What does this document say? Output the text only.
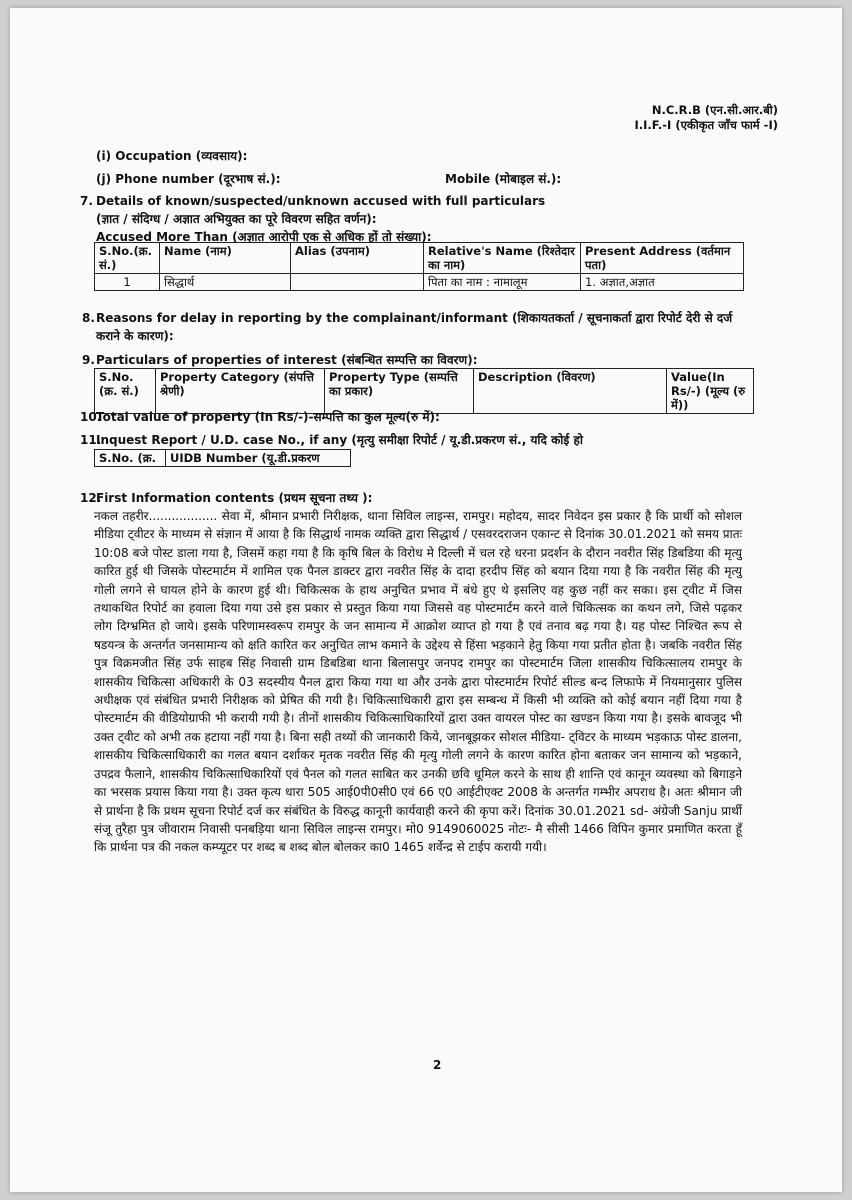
N.C.R.B (एन.सी.आर.बी)
I.I.F.-I (एकीकृत जाँच फार्म -I)
(i) Occupation (व्यवसाय):
(j) Phone number (दूरभाष सं.):	Mobile (मोबाइल सं.):
7. Details of known/suspected/unknown accused with full particulars
(ज्ञात / संदिग्ध / अज्ञात अभियुक्त का पूरे विवरण सहित वर्णन):
Accused More Than (अज्ञात आरोपी एक से अधिक हों तो संख्या):
S.No.(क्र. सं.)	Name (नाम)	Alias (उपनाम)	Relative's Name (रिश्तेदार का नाम)	Present Address (वर्तमान पता)
1	सिद्धार्थ		पिता का नाम : नामालूम	1. अज्ञात,अज्ञात
8. Reasons for delay in reporting by the complainant/informant (शिकायतकर्ता / सूचनाकर्ता द्वारा रिपोर्ट देरी से दर्ज
कराने के कारण):
9. Particulars of properties of interest (संबन्धित सम्पत्ति का विवरण):
S.No. (क्र. सं.)	Property Category (संपत्ति श्रेणी)	Property Type (सम्पत्ति का प्रकार)	Description (विवरण)	Value(In Rs/-) (मूल्य (रु में))
10.
Total value of property (In Rs/-)-सम्पत्ति का कुल मूल्य(रु में):
11.
Inquest Report / U.D. case No., if any (मृत्यु समीक्षा रिपोर्ट / यू.डी.प्रकरण सं., यदि कोई हो
S.No. (क्र.	UIDB Number (यू.डी.प्रकरण
12.
First Information contents (प्रथम सूचना तथ्य ):
नकल तहरीर.................. सेवा में, श्रीमान प्रभारी निरीक्षक, थाना सिविल लाइन्स, रामपुर। महोदय, सादर निवेदन इस प्रकार है कि प्रार्थी को सोशल मीडिया ट्वीटर के माध्यम से संज्ञान में आया है कि सिद्धार्थ नामक व्यक्ति द्वारा सिद्धार्थ / एसवरदराजन एकान्ट से दिनांक 30.01.2021 को समय प्रातः 10:08 बजे पोस्ट डाला गया है, जिसमें कहा गया है कि कृषि बिल के विरोध मे दिल्ली में चल रहे धरना प्रदर्शन के दौरान नवरीत सिंह डिबडिया की मृत्यु कारित हुई थी जिसके पोस्टमार्टम में शामिल एक पैनल डाक्टर द्वारा नवरीत सिंह के दादा हरदीप सिंह को बयान दिया गया है कि नवरीत सिंह की मृत्यु गोली लगने से घायल होने के कारण हुई थी। चिकित्सक के हाथ अनुचित प्रभाव में बंधे हुए थे इसलिए वह कुछ नहीं कर सका। इस ट्वीट में जिस तथाकथित रिपोर्ट का हवाला दिया गया उसे इस प्रकार से प्रस्तुत किया गया जिससे वह पोस्टमार्टम करने वाले चिकित्सक का कथन लगे, जिसे पढ़कर लोग दिग्भ्रमित हो जाये। इसके परिणामस्वरूप रामपुर के जन सामान्य में आक्रोश व्याप्त हो गया है एवं तनाव बढ़ गया है। यह पोस्ट निश्चित रूप से षडयन्त्र के अन्तर्गत जनसामान्य को क्षति कारित कर अनुचित लाभ कमाने के उद्देश्य से हिंसा भड़काने हेतु किया गया प्रतीत होता है। जबकि नवरीत सिंह पुत्र विक्रमजीत सिंह उर्फ साहब सिंह निवासी ग्राम डिबडिबा थाना बिलासपुर जनपद रामपुर का पोस्टमार्टम जिला शासकीय चिकित्सालय रामपुर के शासकीय चिकित्सा अधिकारी के 03 सदस्यीय पैनल द्वारा किया गया था और उनके द्वारा पोस्टमार्टम रिपोर्ट सील्ड बन्द लिफाफे में नियमानुसार पुलिस अधीक्षक एवं संबंधित प्रभारी निरीक्षक को प्रेषित की गयी है। चिकित्साधिकारी द्वारा इस सम्बन्ध में किसी भी व्यक्ति को कोई बयान नहीं दिया गया है पोस्टमार्टम की वीडियोग्राफी भी करायी गयी है। तीनों शासकीय चिकित्साधिकारियों द्वारा उक्त वायरल पोस्ट का खण्डन किया गया है। इसके बावजूद भी उक्त ट्वीट को अभी तक हटाया नहीं गया है। बिना सही तथ्यों की जानकारी किये, जानबूझकर सोशल मीडिया- ट्विटर के माध्यम भड़काऊ पोस्ट डालना, शासकीय चिकित्साधिकारी का गलत बयान दर्शाकर मृतक नवरीत सिंह की मृत्यु गोली लगने के कारण कारित होना बताकर जन सामान्य को भड़काने, उपद्रव फैलाने, शासकीय चिकित्साधिकारियों एवं पैनल को गलत साबित कर उनकी छवि धूमिल करने के साथ ही शान्ति एवं कानून व्यवस्था को बिगाड़ने का भरसक प्रयास किया गया है। उक्त कृत्य धारा 505 आई0पी0सी0 एवं 66 ए0 आईटीएक्ट 2008 के अन्तर्गत गम्भीर अपराध है। अतः श्रीमान जी से प्रार्थना है कि प्रथम सूचना रिपोर्ट दर्ज कर संबंधित के विरुद्ध कानूनी कार्यवाही करने की कृपा करें। दिनांक 30.01.2021 sd- अंग्रेजी Sanju प्रार्थी संजू तुरैहा पुत्र जीवाराम निवासी पनबड़िया थाना सिविल लाइन्स रामपुर। मो0 9149060025 नोटः- मै सीसी 1466 विपिन कुमार प्रमाणित करता हूँ कि प्रार्थना पत्र की नकल कम्प्यूटर पर शब्द ब शब्द बोल बोलकर का0 1465 शर्वेन्द्र से टाईप करायी गयी।
2
